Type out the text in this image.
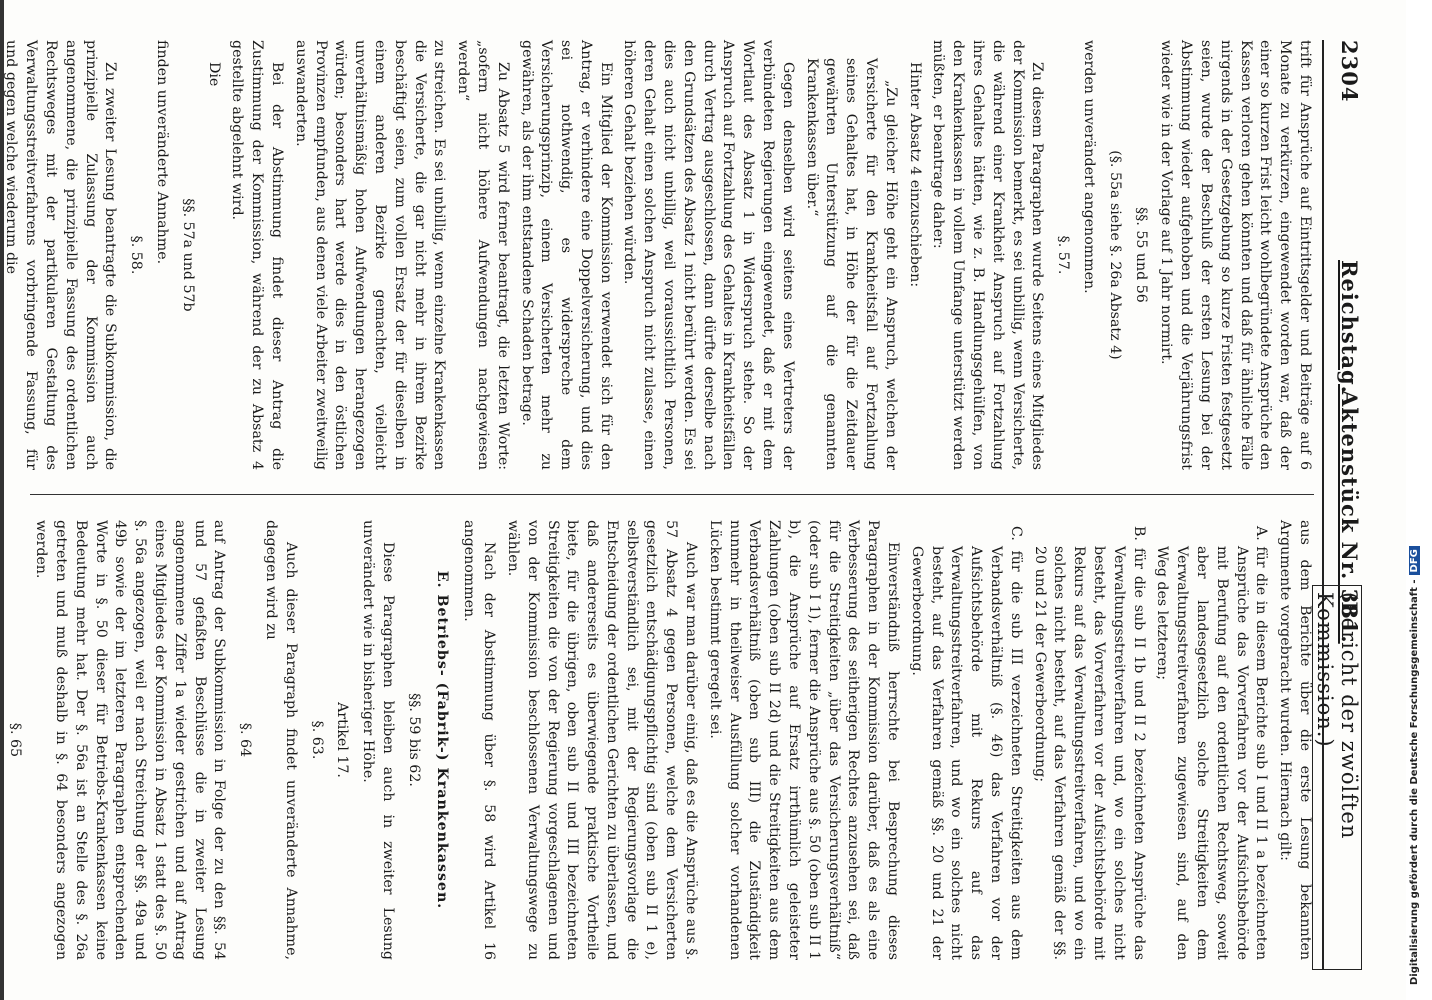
2304
Reichstag.
Aktenstück Nr. 381.
(Bericht der zwölften Kommission.)

trift für Ansprüche auf Eintrittsgelder und Beiträge auf 6 Monate zu verkürzen, eingewendet worden war, daß der einer so kurzen Frist leicht wohlbegründete Ansprüche den Kassen verloren gehen könnten und daß für ähnliche Fälle nirgends in der Gesetzgebung so kurze Fristen festgesetzt seien, wurde der Beschluß der ersten Lesung bei der Abstimmung wieder aufgehoben und die Verjährungsfrist wieder wie in der Vorlage auf 1 Jahr normirt.

§§. 55 und 56
(§. 55a siehe §. 26a Absatz 4)

werden unverändert angenommen.

§. 57.

Zu diesem Paragraphen wurde Seitens eines Mitgliedes der Kommission bemerkt, es sei unbillig, wenn Versicherte, die während einer Krankheit Anspruch auf Fortzahlung ihres Gehaltes hätten, wie z. B. Handlungsgehülfen, von den Krankenkassen in vollem Umfange unterstützt werden müßten, er beantrage daher:

Hinter Absatz 4 einzuschieben:

„Zu gleicher Höhe geht ein Anspruch, welchen der Versicherte für den Krankheitsfall auf Fortzahlung seines Gehaltes hat, in Höhe der für die Zeitdauer gewährten Unterstützung auf die genannten Krankenkassen über.“

Gegen denselben wird seitens eines Vertreters der verbündeten Regierungen eingewendet, daß er mit dem Wortlaut des Absatz 1 in Widerspruch stehe. So der Anspruch auf Fortzahlung des Gehaltes in Krankheitsfällen durch Vertrag ausgeschlossen, dann dürfte derselbe nach den Grundsätzen des Absatz 1 nicht berührt werden. Es sei dies auch nicht unbillig, weil voraussichtlich Personen, deren Gehalt einen solchen Anspruch nicht zulasse, einen höheren Gehalt beziehen würden.

Ein Mitglied der Kommission verwendet sich für den Antrag, er verhindere eine Doppelversicherung, und dies sei nothwendig, es widerspreche dem Versicherungsprinzip, einem Versicherten mehr zu gewähren, als der ihm entstandene Schaden betrage.

Zu Absatz 5 wird ferner beantragt, die letzten Worte: „sofern nicht höhere Aufwendungen nachgewiesen werden“

zu streichen. Es sei unbillig, wenn einzelne Krankenkassen die Versicherte, die gar nicht mehr in ihrem Bezirke beschäftigt seien, zum vollen Ersatz der für dieselben in einem anderen Bezirke gemachten, vielleicht unverhältnismäßig hohen Aufwendungen herangezogen würden; besonders hart werde dies in den östlichen Provinzen empfunden, aus denen viele Arbeiter zweitweilig auswanderten.

Bei der Abstimmung findet dieser Antrag die Zustimmung der Kommission, während der zu Absatz 4 gestellte abgelehnt wird.

Die

§§. 57a und 57b

finden unveränderte Annahme.

§. 58.

Zu zweiter Lesung beantragte die Subkommission, die prinzipielle Zulassung der Kommission auch angenommene, die prinzipielle Fassung des ordentlichen Rechtsweges mit der partikularen Gestaltung des Verwaltungsstreitverfahrens vorbringende Fassung, für und gegen welche wiederum die

aus dem Berichte über die erste Lesung bekannten Argumente vorgebracht wurden. Hiernach gilt:

A. für die in diesem Berichte sub I und II 1 a bezeichneten Ansprüche das Vorverfahren vor der Aufsichtsbehörde mit Berufung auf den ordentlichen Rechtsweg, soweit aber landesgesetzlich solche Streitigkeiten dem Verwaltungsstreitverfahren zugewiesen sind, auf den Weg des letzteren;

B. für die sub II 1b und II 2 bezeichneten Ansprüche das Verwaltungsstreitverfahren und, wo ein solches nicht besteht, das Vorverfahren vor der Aufsichtsbehörde mit Rekurs auf das Verwaltungsstreitverfahren, und wo ein solches nicht besteht, auf das Verfahren gemäß der §§. 20 und 21 der Gewerbeordnung;

C. für die sub III verzeichneten Streitigkeiten aus dem Verbandsverhältniß (§. 46) das Verfahren vor der Aufsichtsbehörde mit Rekurs auf das Verwaltungsstreitverfahren, und wo ein solches nicht besteht, auf das Verfahren gemäß §§. 20 und 21 der Gewerbeordnung.

Einverständniß herrschte bei Besprechung dieses Paragraphen in der Kommission darüber, daß es als eine Verbesserung des seitherigen Rechtes anzusehen sei, daß für die Streitigkeiten „über das Versicherungsverhältniß“ (oder sub I 1), ferner die Ansprüche aus §. 50 (oben sub II 1 b), die Ansprüche auf Ersatz irrthümlich geleisteter Zahlungen (oben sub II 2d) und die Streitigkeiten aus dem Verbandsverhältniß (oben sub III) die Zuständigkeit nunmehr in theilweiser Ausfüllung solcher vorhandenen Lücken bestimmt geregelt sei.

Auch war man darüber einig, daß es die Ansprüche aus §. 57 Absatz 4 gegen Personen, welche dem Versicherten gesetzlich entschädigungspflichtig sind (oben sub II 1 e), selbstverständlich sei, mit der Regierungsvorlage die Entscheidung der ordentlichen Gerichten zu überlassen, und daß andererseits es überwiegende praktische Vortheile biete, für die übrigen, oben sub II und III bezeichneten Streitigkeiten die von der Regierung vorgeschlagenen und von der Kommission beschlossenen Verwaltungswege zu wählen.

Nach der Abstimmung über §. 58 wird Artikel 16 angenommen.

E. Betriebs- (Fabrik-) Krankenkassen.
§§. 59 bis 62.

Diese Paragraphen bleiben auch in zweiter Lesung unverändert wie in bisheriger Höhe.

Artikel 17.
§. 63.

Auch dieser Paragraph findet unveränderte Annahme, dagegen wird zu

§. 64

auf Antrag der Subkommission in Folge der zu den §§. 54 und 57 gefaßten Beschlüsse die in zweiter Lesung angenommene Ziffer 1a wieder gestrichen und auf Antrag eines Mitgliedes der Kommission in Absatz 1 statt des §. 50 §. 56a angezogen, weil er nach Streichung der §§. 49a und 49b sowie der im letzteren Paragraphen entsprechenden Worte in §. 50 dieser für Betriebs-Krankenkassen keine Bedeutung mehr hat. Der §. 56a ist an Stelle des §. 26a getreten und muß deshalb in §. 64 besonders angezogen werden.

§. 65	Digitalisierung gefördert durch die Deutsche Forschungsgemeinschaft -DFG
